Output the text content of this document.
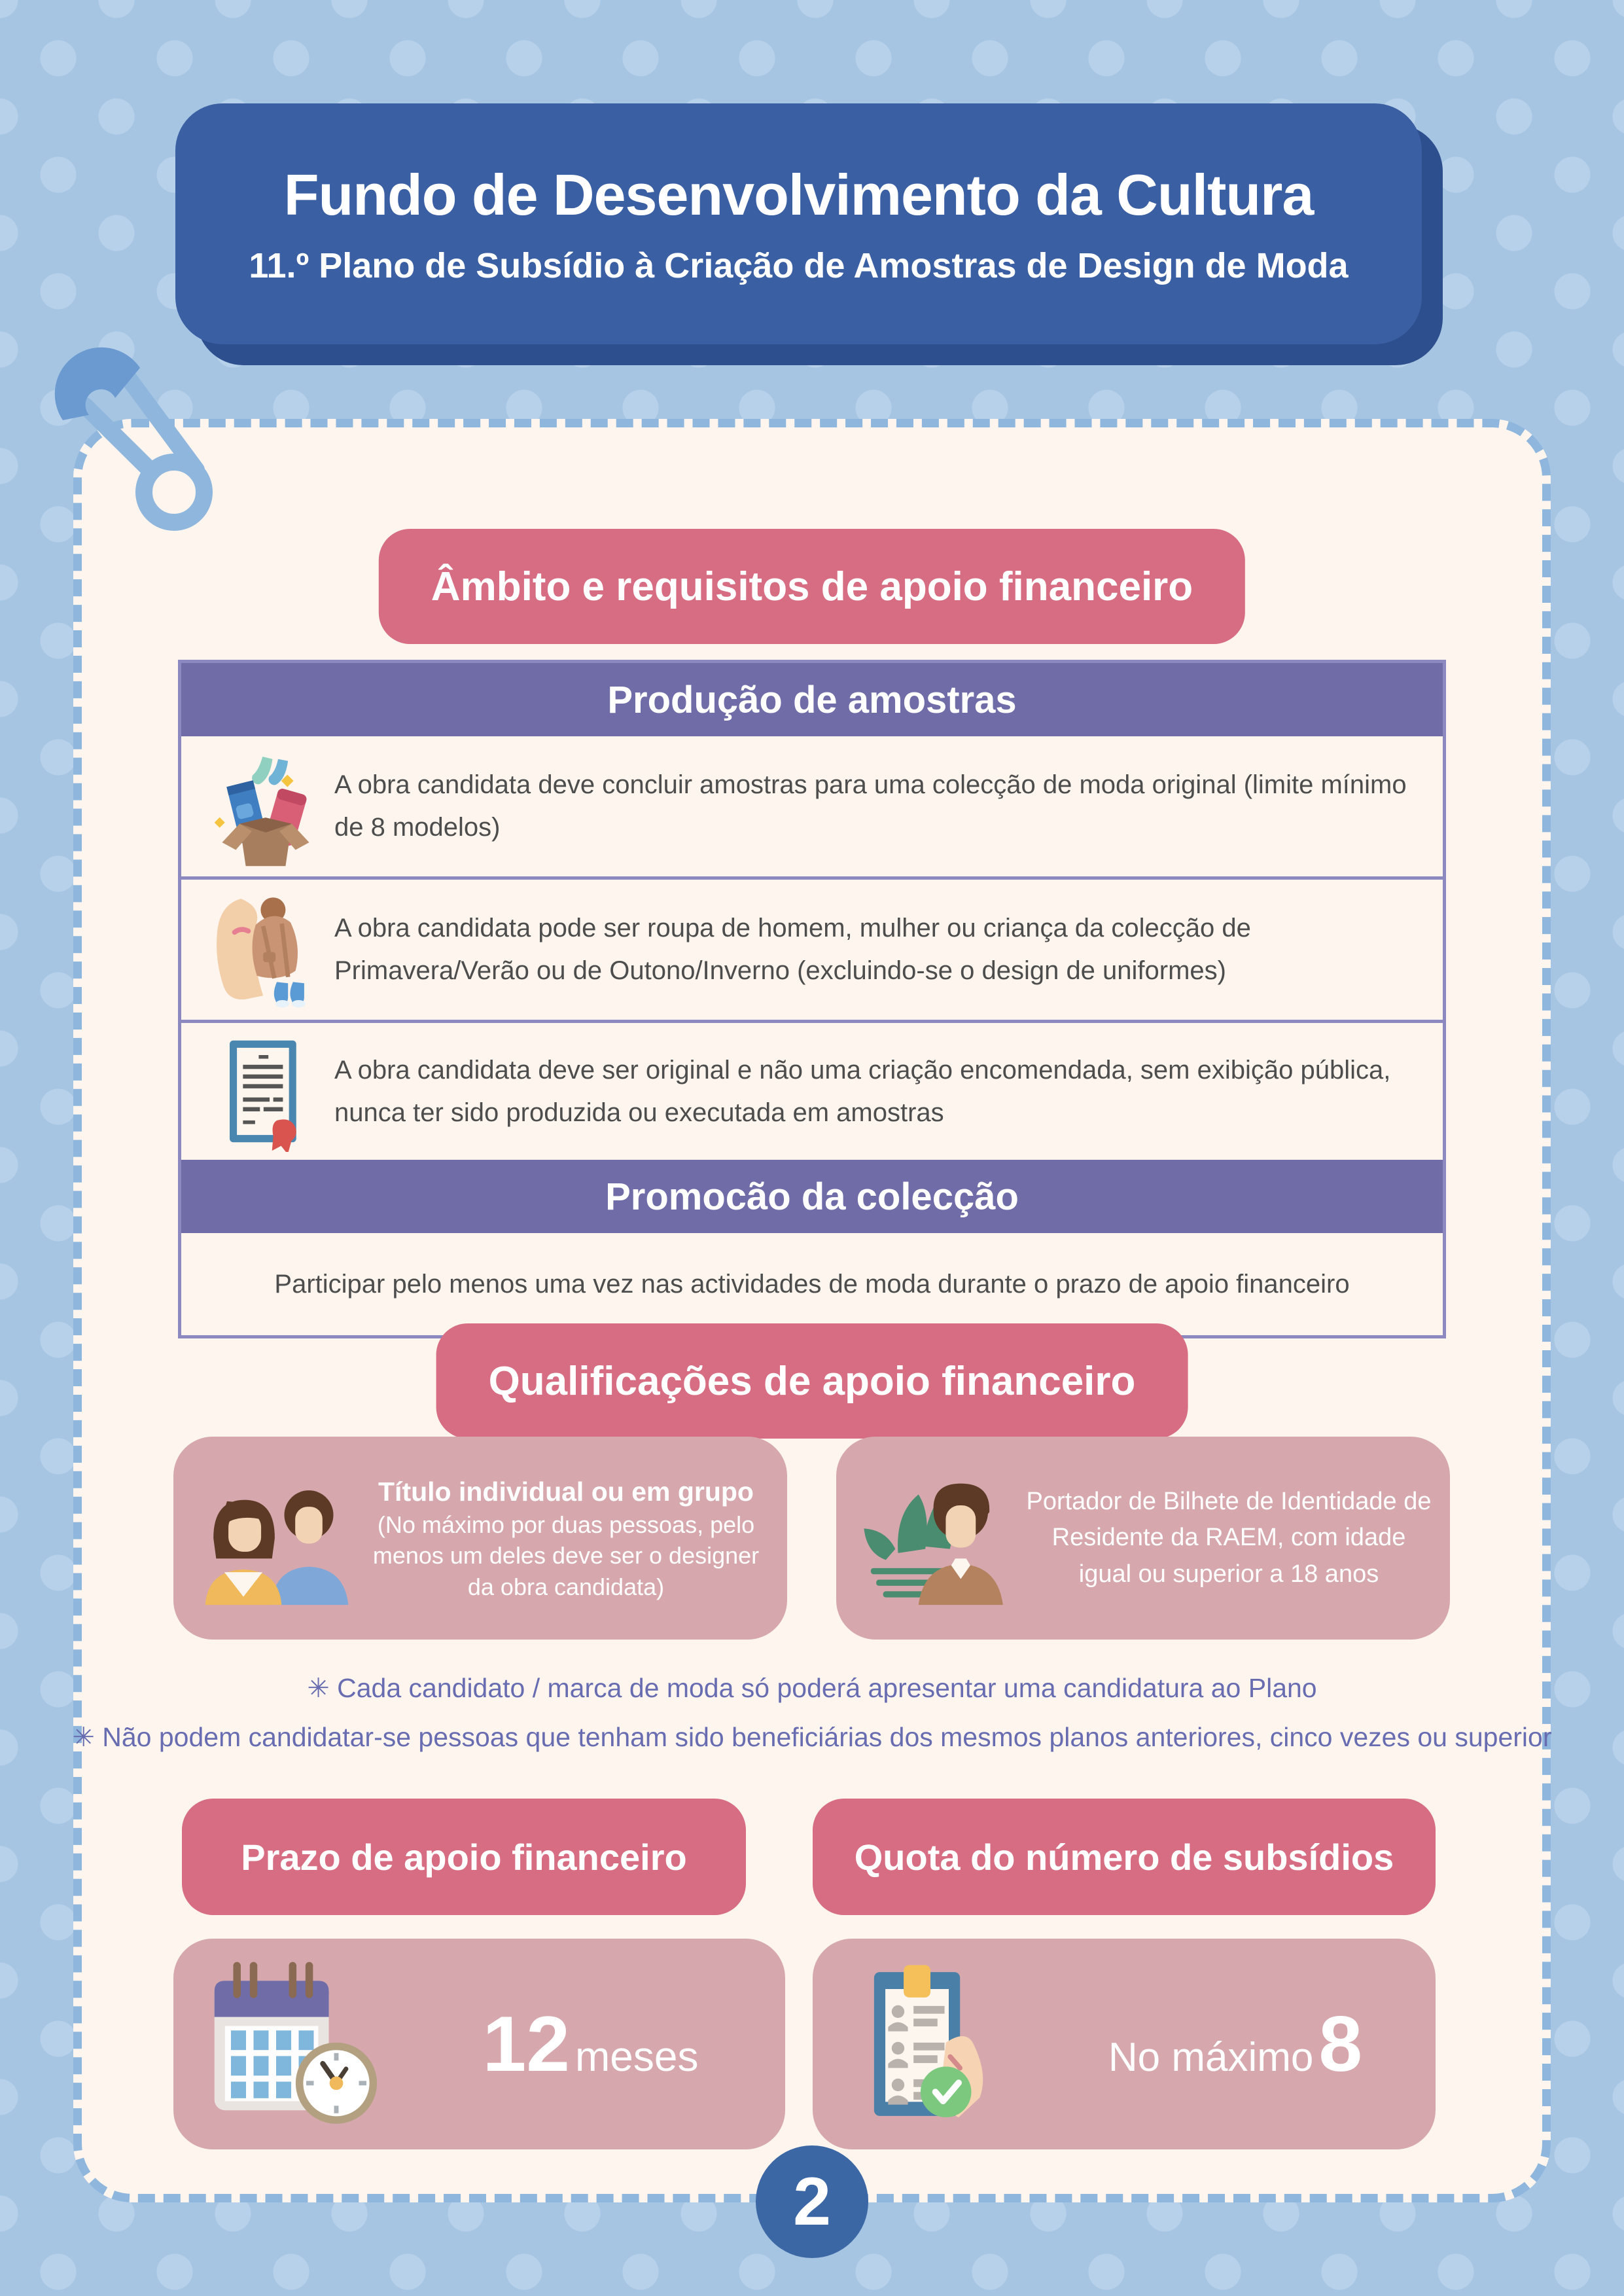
Fundo de Desenvolvimento da Cultura
11.º Plano de Subsídio à Criação de Amostras de Design de Moda
Âmbito e requisitos de apoio financeiro
Produção de amostras
A obra candidata deve concluir amostras para uma colecção de moda original (limite mínimo de 8 modelos)
A obra candidata pode ser roupa de homem, mulher ou criança da colecção de Primavera/Verão ou de Outono/Inverno (excluindo-se o design de uniformes)
A obra candidata deve ser original e não uma criação encomendada, sem exibição pública, nunca ter sido produzida ou executada em amostras
Promocão da colecção
Participar pelo menos uma vez nas actividades de moda durante o prazo de apoio financeiro
Qualificações de apoio financeiro
Título individual ou em grupo
(No máximo por duas pessoas, pelo menos um deles deve ser o designer da obra candidata)
Portador de Bilhete de Identidade de Residente da RAEM, com idade igual ou superior a 18 anos
✳ Cada candidato / marca de moda só poderá apresentar uma candidatura ao Plano
✳ Não podem candidatar-se pessoas que tenham sido beneficiárias dos mesmos planos anteriores, cinco vezes ou superior
Prazo de apoio financeiro	Quota do número de subsídios
12 meses	No máximo 8
2
